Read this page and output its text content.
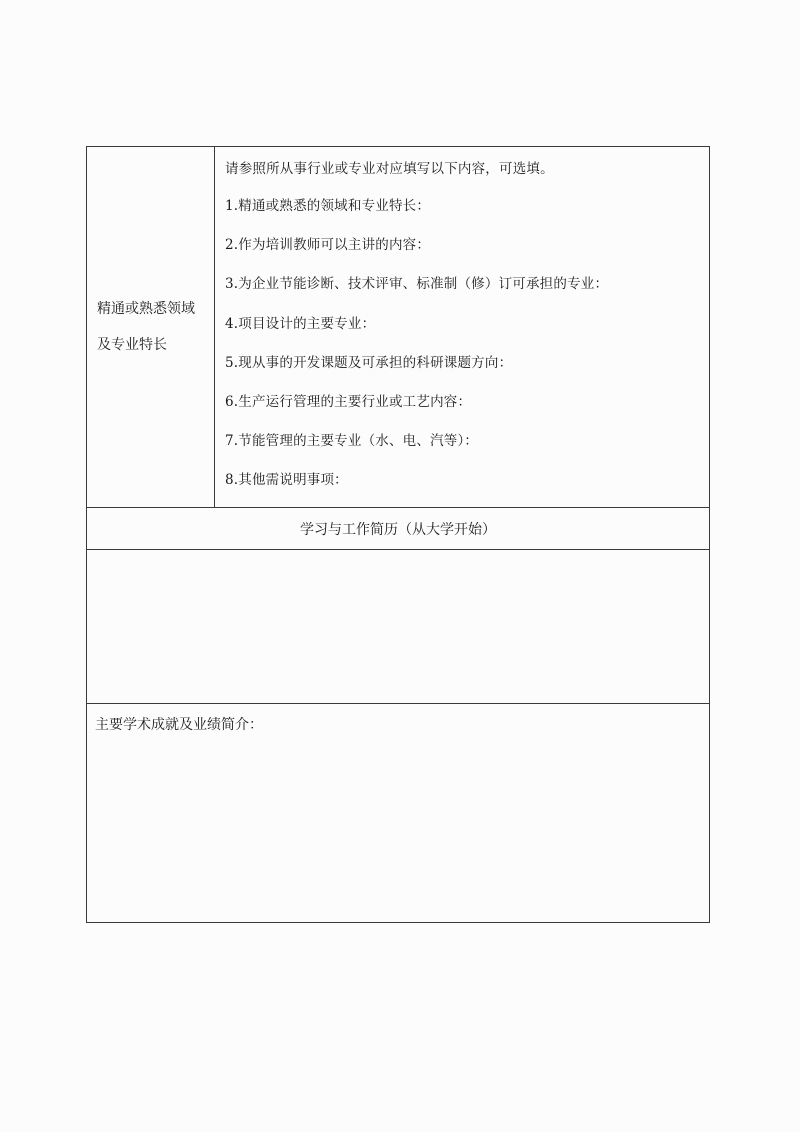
精通或熟悉领域
及专业特长

请参照所从事行业或专业对应填写以下内容，可选填。
1.精通或熟悉的领域和专业特长：
2.作为培训教师可以主讲的内容：
3.为企业节能诊断、技术评审、标准制（修）订可承担的专业：
4.项目设计的主要专业：
5.现从事的开发课题及可承担的科研课题方向：
6.生产运行管理的主要行业或工艺内容：
7.节能管理的主要专业（水、电、汽等）：
8.其他需说明事项：

学习与工作简历（从大学开始）

主要学术成就及业绩简介：
